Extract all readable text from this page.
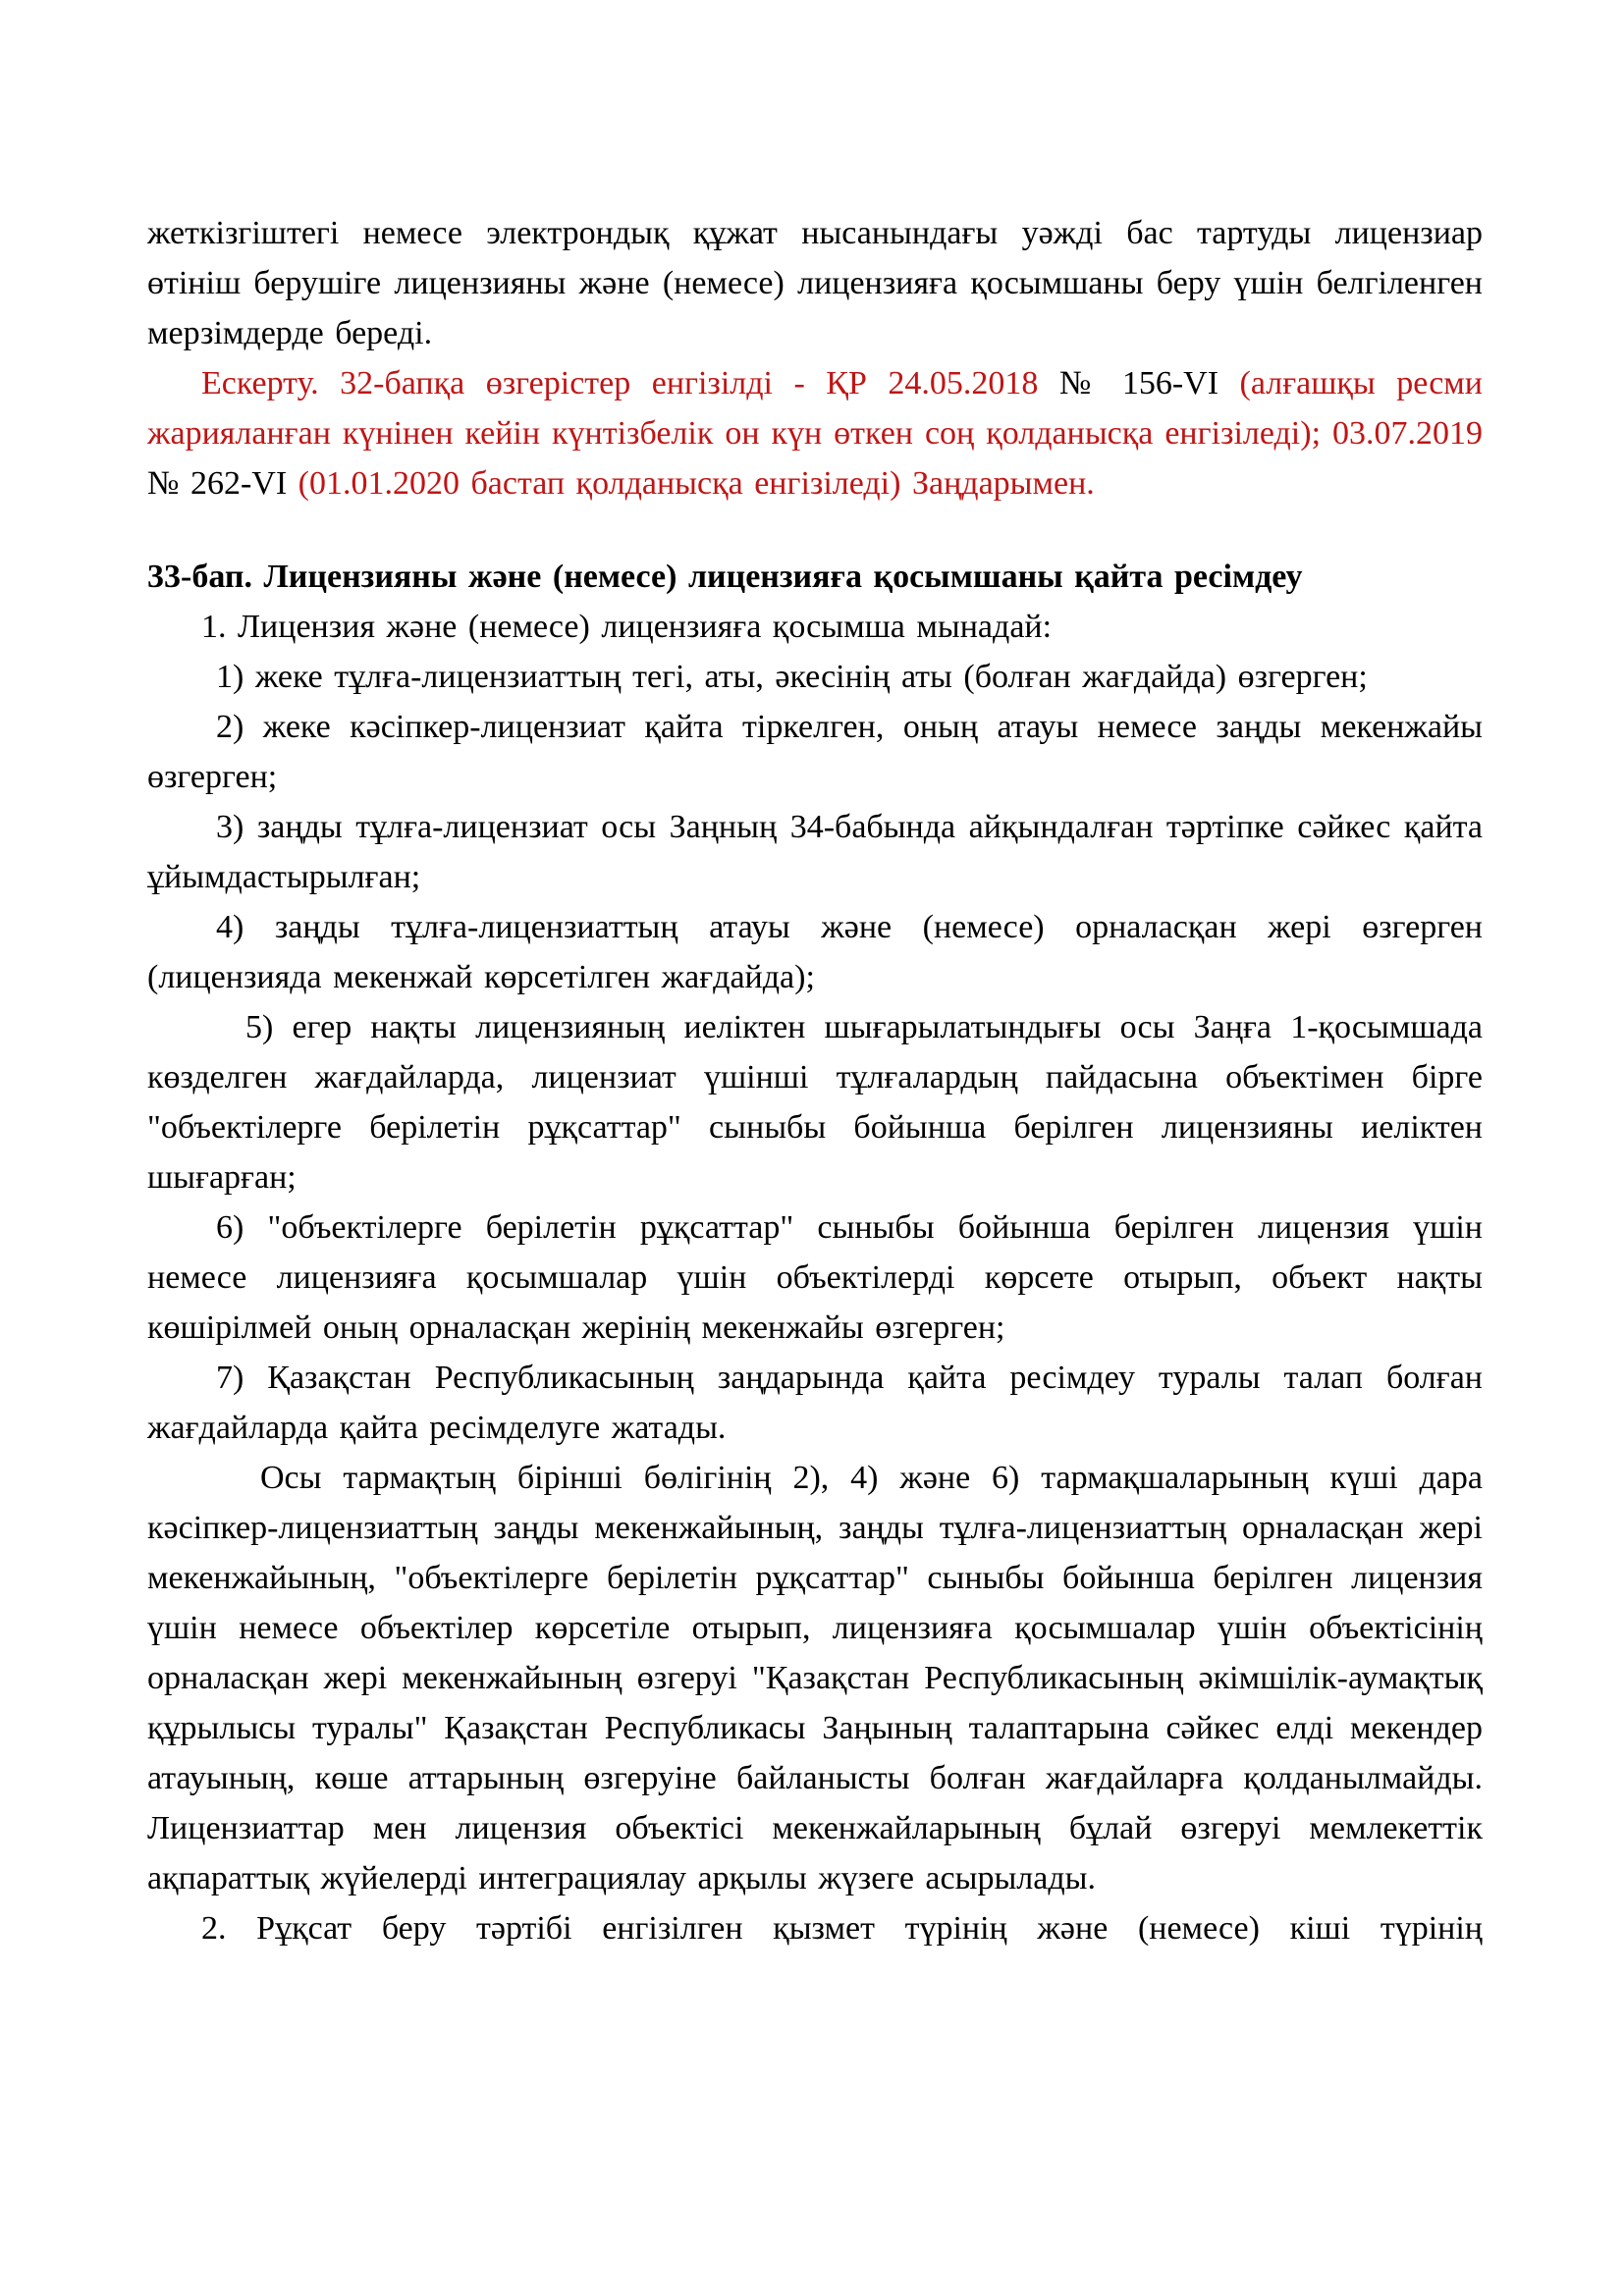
жеткізгіштегі немесе электрондық құжат нысанындағы уәжді бас тартуды лицензиар өтініш берушіге лицензияны және (немесе) лицензияға қосымшаны беру үшін белгіленген мерзімдерде береді.

Ескерту. 32-бапқа өзгерістер енгізілді - ҚР 24.05.2018 № 156-VI (алғашқы ресми жарияланған күнінен кейін күнтізбелік он күн өткен соң қолданысқа енгізіледі); 03.07.2019 № 262-VI (01.01.2020 бастап қолданысқа енгізіледі) Заңдарымен.

33-бап. Лицензияны және (немесе) лицензияға қосымшаны қайта ресімдеу

1. Лицензия және (немесе) лицензияға қосымша мынадай:

1) жеке тұлға-лицензиаттың тегі, аты, әкесінің аты (болған жағдайда) өзгерген;

2) жеке кәсіпкер-лицензиат қайта тіркелген, оның атауы немесе заңды мекенжайы өзгерген;

3) заңды тұлға-лицензиат осы Заңның 34-бабында айқындалған тәртіпке сәйкес қайта ұйымдастырылған;

4) заңды тұлға-лицензиаттың атауы және (немесе) орналасқан жері өзгерген (лицензияда мекенжай көрсетілген жағдайда);

5) егер нақты лицензияның иеліктен шығарылатындығы осы Заңға 1-қосымшада көзделген жағдайларда, лицензиат үшінші тұлғалардың пайдасына объектімен бірге "объектілерге берілетін рұқсаттар" сыныбы бойынша берілген лицензияны иеліктен шығарған;

6) "объектілерге берілетін рұқсаттар" сыныбы бойынша берілген лицензия үшін немесе лицензияға қосымшалар үшін объектілерді көрсете отырып, объект нақты көшірілмей оның орналасқан жерінің мекенжайы өзгерген;

7) Қазақстан Республикасының заңдарында қайта ресімдеу туралы талап болған жағдайларда қайта ресімделуге жатады.

Осы тармақтың бірінші бөлігінің 2), 4) және 6) тармақшаларының күші дара кәсіпкер-лицензиаттың заңды мекенжайының, заңды тұлға-лицензиаттың орналасқан жері мекенжайының, "объектілерге берілетін рұқсаттар" сыныбы бойынша берілген лицензия үшін немесе объектілер көрсетіле отырып, лицензияға қосымшалар үшін объектісінің орналасқан жері мекенжайының өзгеруі "Қазақстан Республикасының әкімшілік-аумақтық құрылысы туралы" Қазақстан Республикасы Заңының талаптарына сәйкес елді мекендер атауының, көше аттарының өзгеруіне байланысты болған жағдайларға қолданылмайды. Лицензиаттар мен лицензия объектісі мекенжайларының бұлай өзгеруі мемлекеттік ақпараттық жүйелерді интеграциялау арқылы жүзеге асырылады.

2. Рұқсат беру тәртібі енгізілген қызмет түрінің және (немесе) кіші түрінің
